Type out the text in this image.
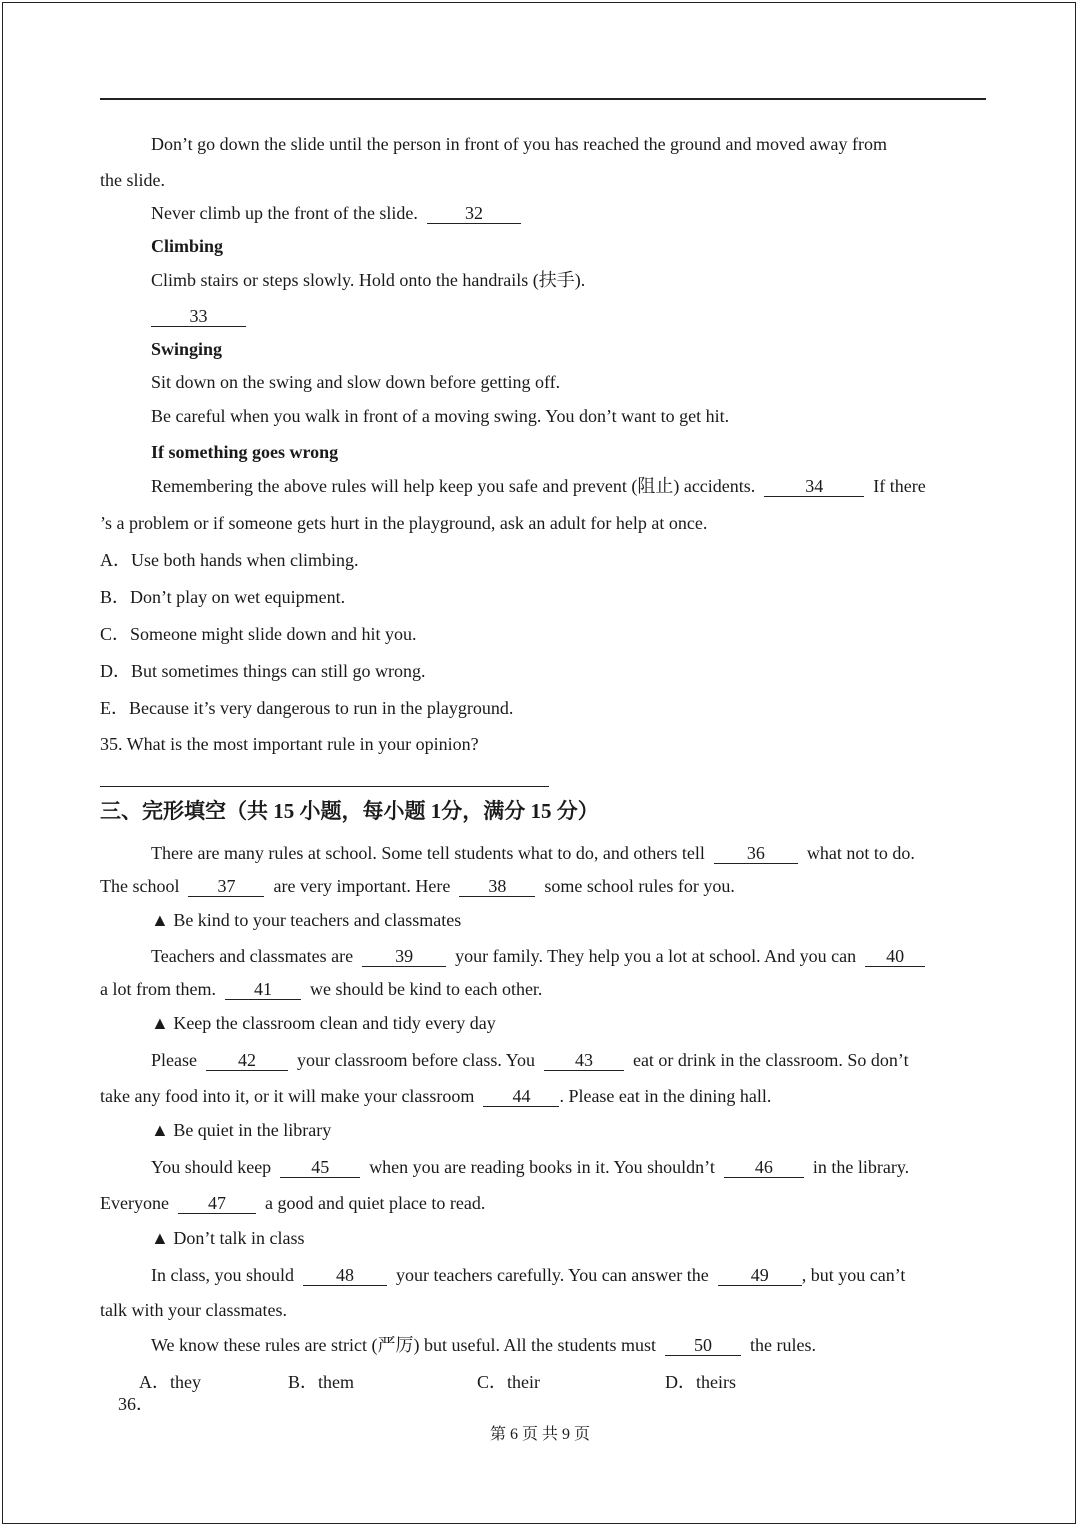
Don’t go down the slide until the person in front of you has reached the ground and moved away from
the slide.
Never climb up the front of the slide.	32
Climbing
Climb stairs or steps slowly. Hold onto the handrails (扶手).
33
Swinging
Sit down on the swing and slow down before getting off.
Be careful when you walk in front of a moving swing. You don’t want to get hit.
If something goes wrong
Remembering the above rules will help keep you safe and prevent (阻止) accidents.	34	If there
’s a problem or if someone gets hurt in the playground, ask an adult for help at once.
A．Use both hands when climbing.
B．Don’t play on wet equipment.
C．Someone might slide down and hit you.
D．But sometimes things can still go wrong.
E．Because it’s very dangerous to run in the playground.
35. What is the most important rule in your opinion?
三、完形填空（共 15 小题，每小题 1分，满分 15 分）
There are many rules at school. Some tell students what to do, and others tell 36 what not to do.
The school 37 are very important. Here 38 some school rules for you.
▲ Be kind to your teachers and classmates
Teachers and classmates are 39 your family. They help you a lot at school. And you can 40
a lot from them. 41 we should be kind to each other.
▲ Keep the classroom clean and tidy every day
Please 42 your classroom before class. You 43 eat or drink in the classroom. So don’t
take any food into it, or it will make your classroom 44 . Please eat in the dining hall.
▲ Be quiet in the library
You should keep 45 when you are reading books in it. You shouldn’t 46 in the library.
Everyone 47 a good and quiet place to read.
▲ Don’t talk in class
In class, you should 48 your teachers carefully. You can answer the 49 , but you can’t
talk with your classmates.
We know these rules are strict (严厉) but useful. All the students must 50 the rules.

36．

A．they	B．them	C．their	D．theirs
第 6 页 共 9 页
